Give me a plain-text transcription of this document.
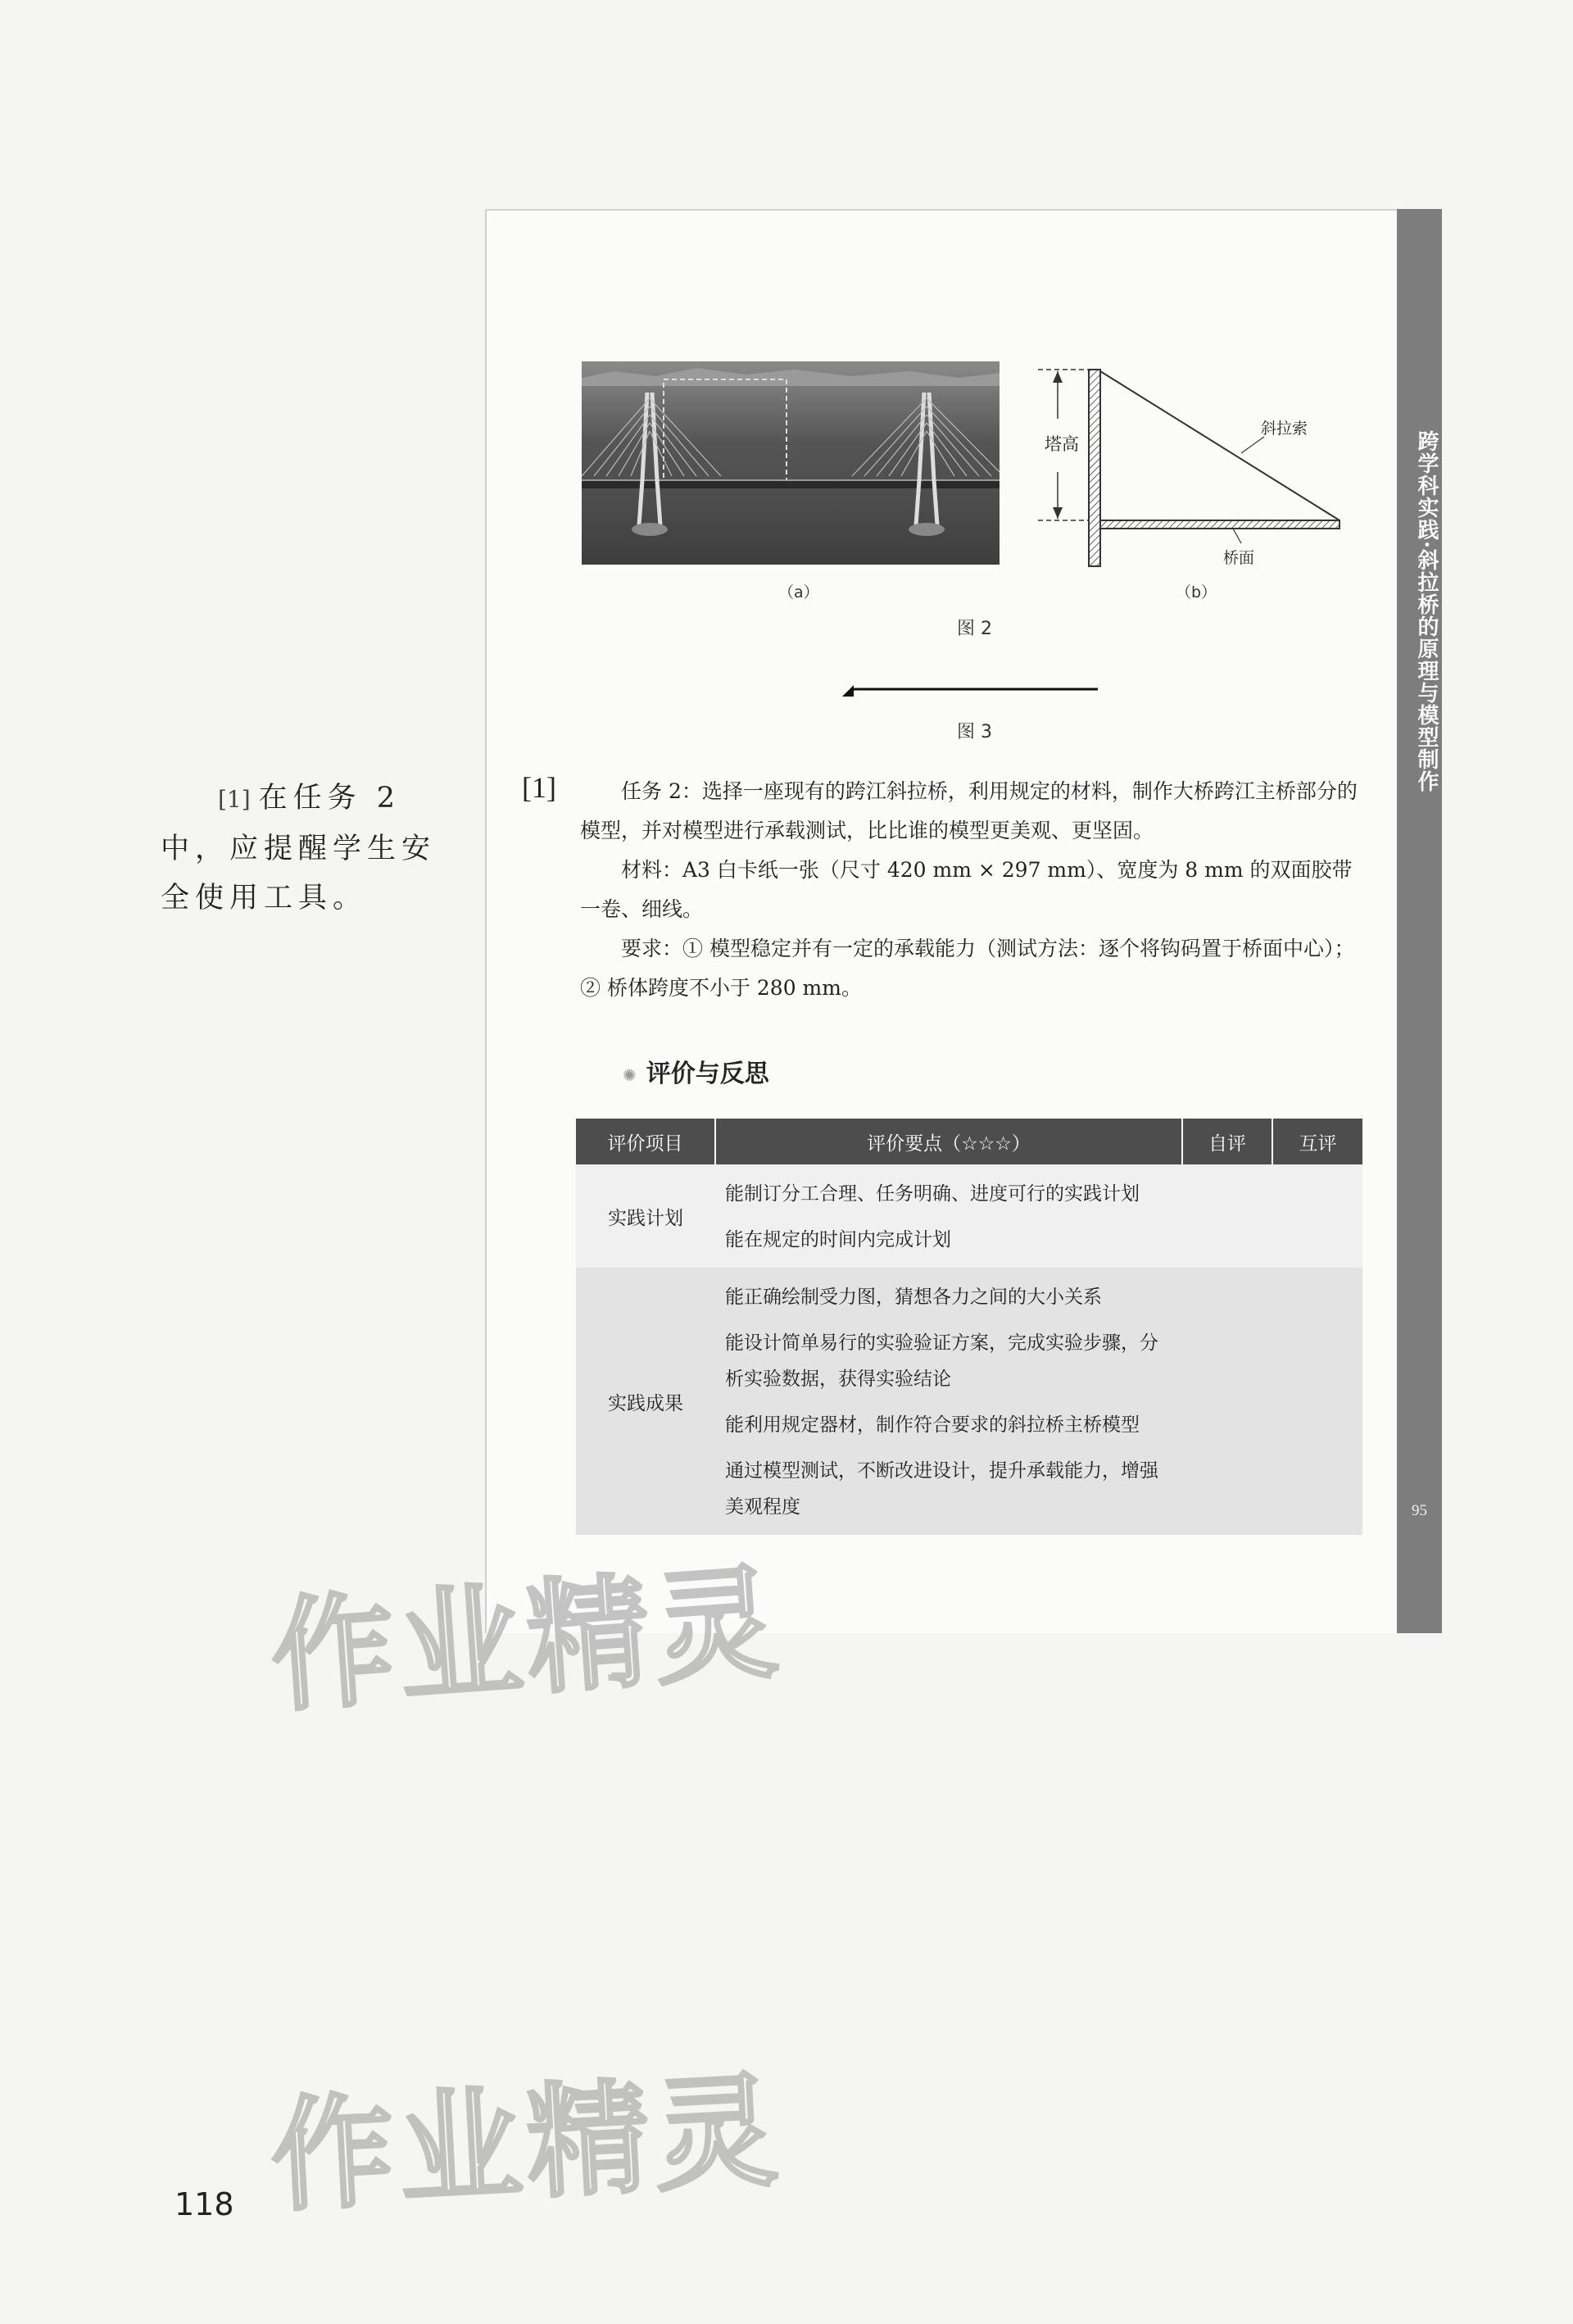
跨学科实践·斜拉桥的原理与模型制作
95
（a）
塔高
斜拉索
桥面
（b）
图 2
图 3
[1] 在任务 2 中，应提醒学生安全使用工具。
[1]	任务 2：选择一座现有的跨江斜拉桥，利用规定的材料，制作大桥跨江主桥部分的模型，并对模型进行承载测试，比比谁的模型更美观、更坚固。

材料：A3 白卡纸一张（尺寸 420 mm × 297 mm）、宽度为 8 mm 的双面胶带一卷、细线。

要求：① 模型稳定并有一定的承载能力（测试方法：逐个将钩码置于桥面中心）；② 桥体跨度不小于 280 mm。

✺ 评价与反思
评价项目	评价要点（☆☆☆）	自评	互评
实践计划	能制订分工合理、任务明确、进度可行的实践计划
能在规定的时间内完成计划		

实践成果	能正确绘制受力图，猜想各力之间的大小关系
能设计简单易行的实验验证方案，完成实验步骤，分析实验数据，获得实验结论
能利用规定器材，制作符合要求的斜拉桥主桥模型
通过模型测试，不断改进设计，提升承载能力，增强美观程度		

作业精灵
作业精灵
118
